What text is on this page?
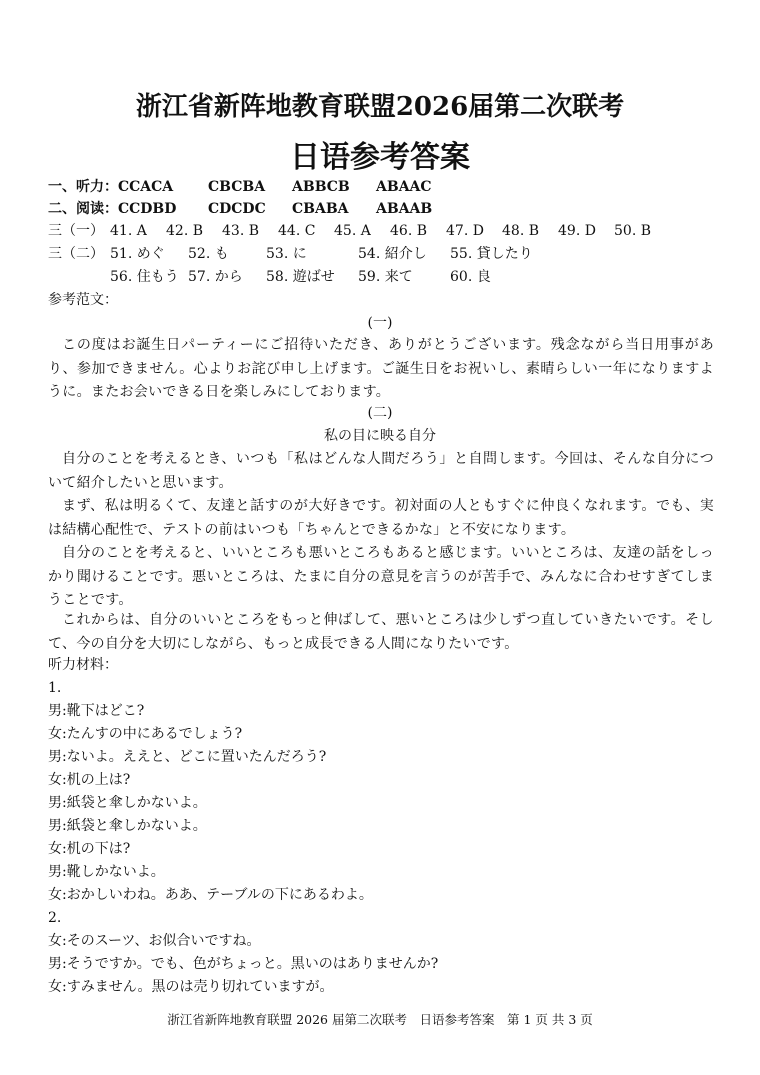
浙江省新阵地教育联盟2026届第二次联考
日语参考答案
一、听力：CCACA CBCBA ABBCB ABAAC
二、阅读：CCDBD CDCDC CBABA ABAAB
三（一） 41. A 42. B 43. B 44. C 45. A 46. B 47. D 48. B 49. D 50. B
三（二） 51. めぐ 52. も	53. に	54. 紹介し 55. 貸したり
56. 住もう 57. から 58. 遊ばせ 59. 来て	60. 良
参考范文：
(一)
この度はお誕生日パーティーにご招待いただき、ありがとうございます。残念ながら当日用事があり、参加できません。心よりお詫び申し上げます。ご誕生日をお祝いし、素晴らしい一年になりますように。またお会いできる日を楽しみにしております。
(二)
私の目に映る自分
自分のことを考えるとき、いつも「私はどんな人間だろう」と自問します。今回は、そんな自分について紹介したいと思います。
まず、私は明るくて、友達と話すのが大好きです。初対面の人ともすぐに仲良くなれます。でも、実は結構心配性で、テストの前はいつも「ちゃんとできるかな」と不安になります。
自分のことを考えると、いいところも悪いところもあると感じます。いいところは、友達の話をしっかり聞けることです。悪いところは、たまに自分の意見を言うのが苦手で、みんなに合わせすぎてしまうことです。
これからは、自分のいいところをもっと伸ばして、悪いところは少しずつ直していきたいです。そして、今の自分を大切にしながら、もっと成長できる人間になりたいです。
听力材料：
1.
男:靴下はどこ?
女:たんすの中にあるでしょう?
男:ないよ。ええと、どこに置いたんだろう?
女:机の上は?
男:紙袋と傘しかないよ。
男:紙袋と傘しかないよ。
女:机の下は?
男:靴しかないよ。
女:おかしいわね。ああ、テーブルの下にあるわよ。
2.
女:そのスーツ、お似合いですね。
男:そうですか。でも、色がちょっと。黒いのはありませんか?
女:すみません。黒のは売り切れていますが。
浙江省新阵地教育联盟 2026 届第二次联考　日语参考答案　第 1 页 共 3 页
